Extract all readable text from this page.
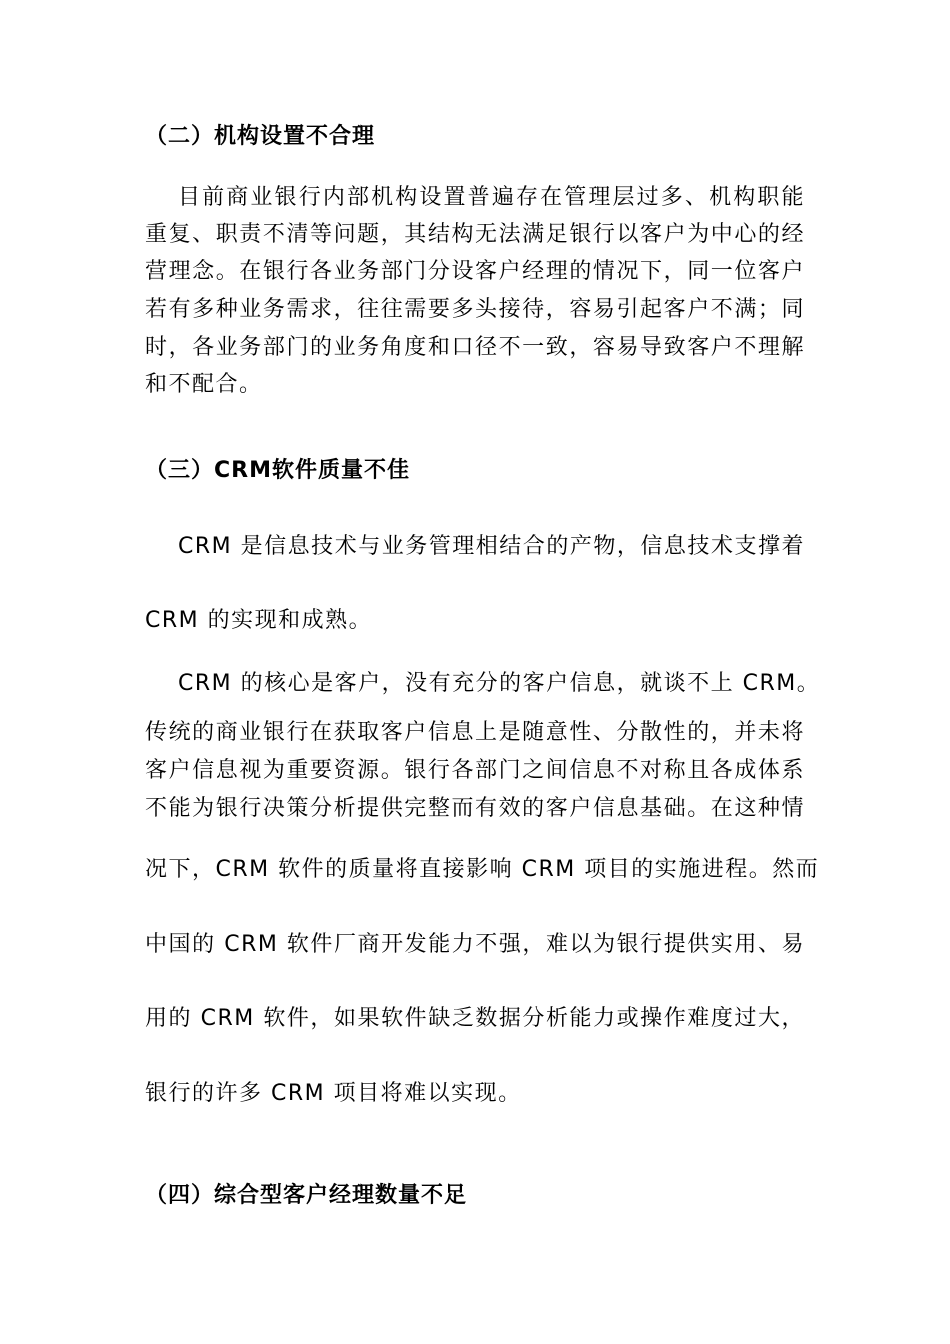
（二）机构设置不合理
目前商业银行内部机构设置普遍存在管理层过多、机构职能
重复、职责不清等问题，其结构无法满足银行以客户为中心的经
营理念。在银行各业务部门分设客户经理的情况下，同一位客户
若有多种业务需求，往往需要多头接待，容易引起客户不满；同
时，各业务部门的业务角度和口径不一致，容易导致客户不理解
和不配合。
（三）CRM软件质量不佳
CRM 是信息技术与业务管理相结合的产物，信息技术支撑着
CRM 的实现和成熟。
CRM 的核心是客户，没有充分的客户信息，就谈不上 CRM。
传统的商业银行在获取客户信息上是随意性、分散性的，并未将
客户信息视为重要资源。银行各部门之间信息不对称且各成体系
不能为银行决策分析提供完整而有效的客户信息基础。在这种情
况下，CRM 软件的质量将直接影响 CRM 项目的实施进程。然而
中国的 CRM 软件厂商开发能力不强，难以为银行提供实用、易
用的 CRM 软件，如果软件缺乏数据分析能力或操作难度过大，
银行的许多 CRM 项目将难以实现。
（四）综合型客户经理数量不足
